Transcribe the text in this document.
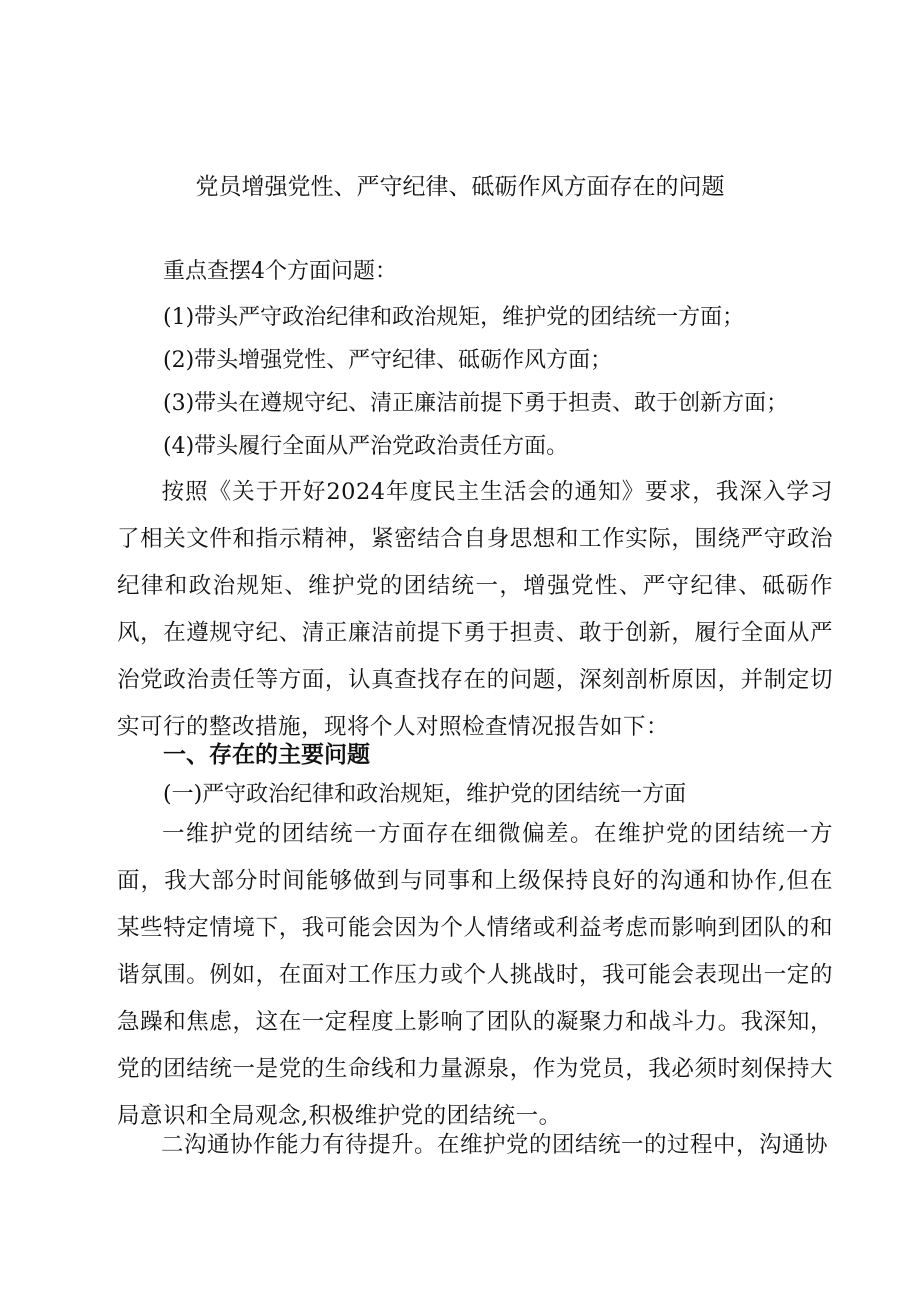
党员增强党性、严守纪律、砥砺作风方面存在的问题
重点查摆4个方面问题：
(1)带头严守政治纪律和政治规矩，维护党的团结统一方面；
(2)带头增强党性、严守纪律、砥砺作风方面；
(3)带头在遵规守纪、清正廉洁前提下勇于担责、敢于创新方面；
(4)带头履行全面从严治党政治责任方面。
按照《关于开好2024年度民主生活会的通知》要求，我深入学习了相关文件和指示精神，紧密结合自身思想和工作实际，围绕严守政治纪律和政治规矩、维护党的团结统一，增强党性、严守纪律、砥砺作风，在遵规守纪、清正廉洁前提下勇于担责、敢于创新，履行全面从严治党政治责任等方面，认真查找存在的问题，深刻剖析原因，并制定切实可行的整改措施，现将个人对照检查情况报告如下：
一、存在的主要问题
(一)严守政治纪律和政治规矩，维护党的团结统一方面
一维护党的团结统一方面存在细微偏差。在维护党的团结统一方面，我大部分时间能够做到与同事和上级保持良好的沟通和协作,但在某些特定情境下，我可能会因为个人情绪或利益考虑而影响到团队的和谐氛围。例如，在面对工作压力或个人挑战时，我可能会表现出一定的急躁和焦虑，这在一定程度上影响了团队的凝聚力和战斗力。我深知，党的团结统一是党的生命线和力量源泉，作为党员，我必须时刻保持大局意识和全局观念,积极维护党的团结统一。
二沟通协作能力有待提升。在维护党的团结统一的过程中，沟通协
